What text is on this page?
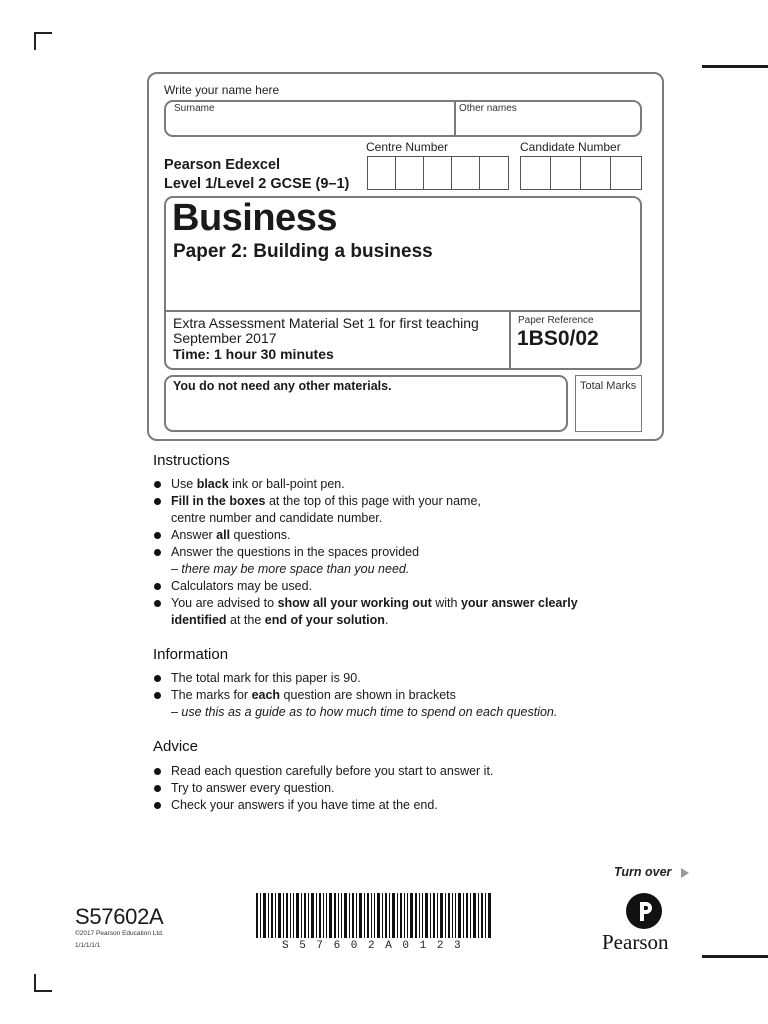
Write your name here
Surname	Other names
Centre Number	Candidate Number
Pearson Edexcel
Level 1/Level 2 GCSE (9–1)
Business
Paper 2: Building a business
Extra Assessment Material Set 1 for first teaching
September 2017
Time: 1 hour 30 minutes
Paper Reference
1BS0/02
You do not need any other materials.	Total Marks
Instructions
Use black ink or ball-point pen.
Fill in the boxes at the top of this page with your name,
centre number and candidate number.
Answer all questions.
Answer the questions in the spaces provided
– there may be more space than you need.
Calculators may be used.
You are advised to show all your working out with your answer clearly
identified at the end of your solution.
Information
The total mark for this paper is 90.
The marks for each question are shown in brackets
– use this as a guide as to how much time to spend on each question.
Advice
Read each question carefully before you start to answer it.
Try to answer every question.
Check your answers if you have time at the end.
Turn over
S57602A
©2017 Pearson Education Ltd.
1/1/1/1/1	S 5 7 6 0 2 A 0 1 2 3	Pearson
